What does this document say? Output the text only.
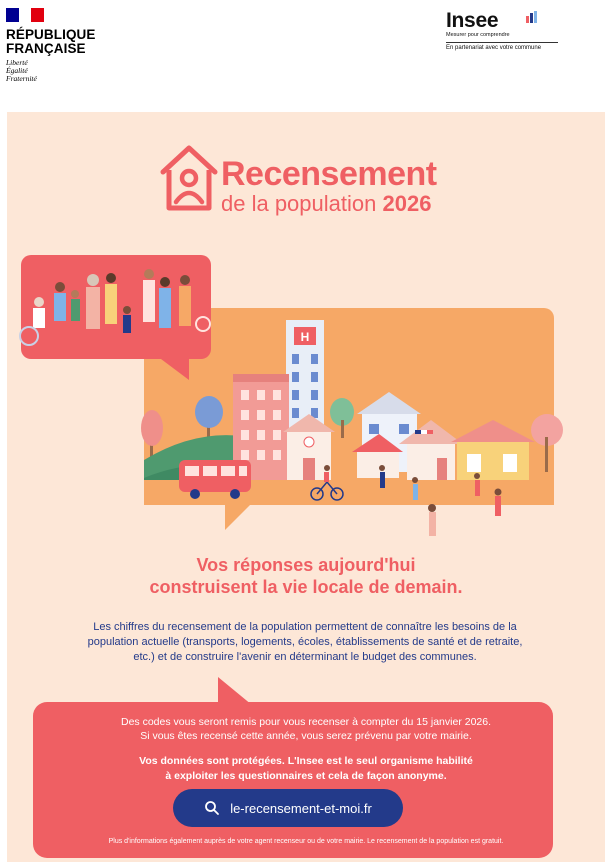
RÉPUBLIQUE
FRANÇAISE
Liberté
Égalité
Fraternité
Insee
Mesurer pour comprendre
En partenariat avec votre commune
Recensement
de la population 2026
H
Vos réponses aujourd'hui
construisent la vie locale de demain.
Les chiffres du recensement de la population permettent de connaître les besoins de la
population actuelle (transports, logements, écoles, établissements de santé et de retraite,
etc.) et de construire l'avenir en déterminant le budget des communes.
Des codes vous seront remis pour vous recenser à compter du 15 janvier 2026.
Si vous êtes recensé cette année, vous serez prévenu par votre mairie.
Vos données sont protégées. L'Insee est le seul organisme habilité
à exploiter les questionnaires et cela de façon anonyme.
le-recensement-et-moi.fr
Plus d'informations également auprès de votre agent recenseur ou de votre mairie. Le recensement de la population est gratuit.
